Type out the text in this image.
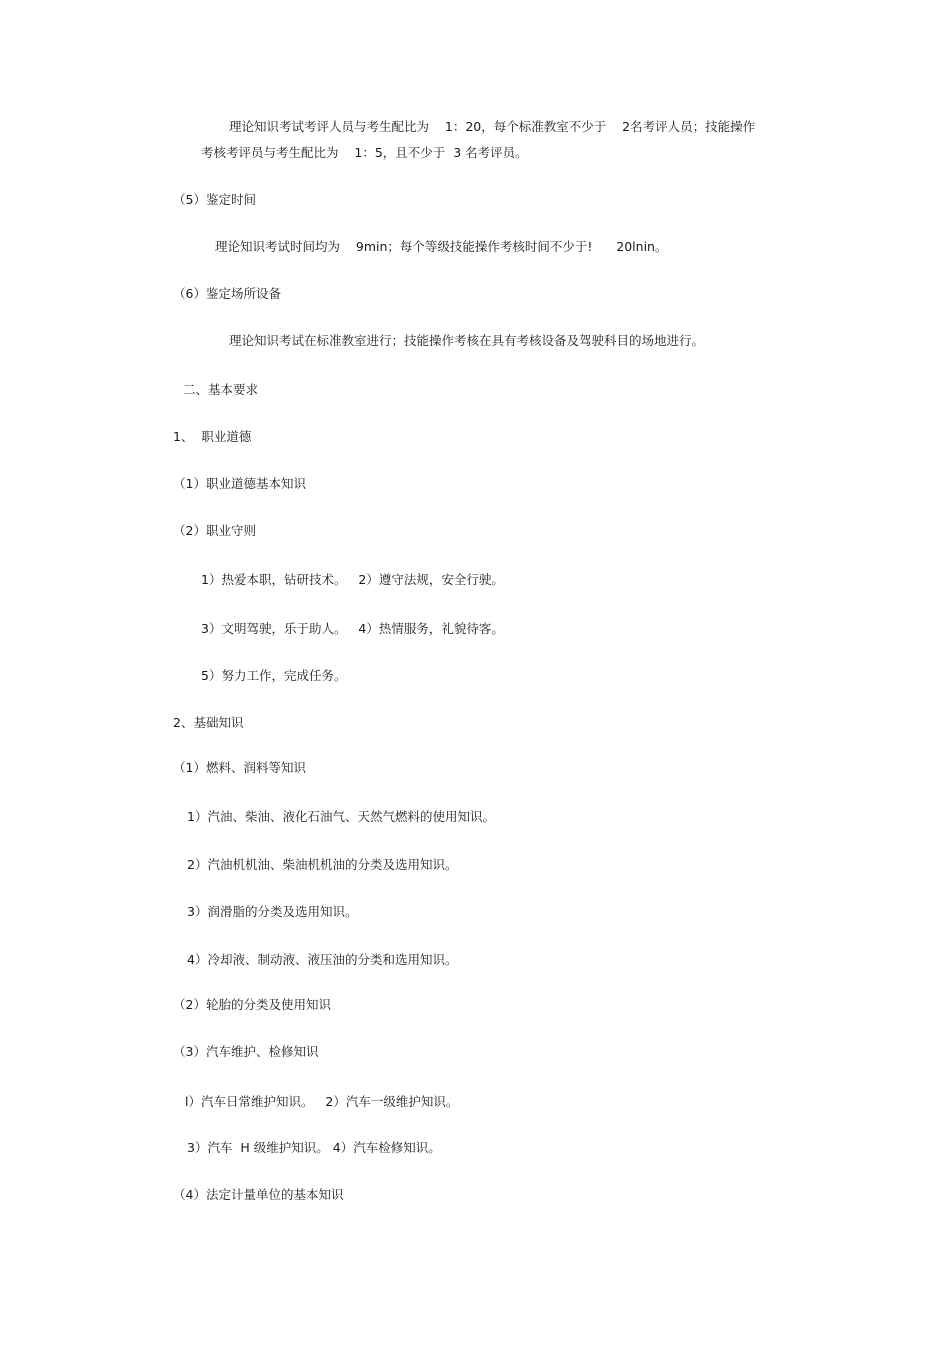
理论知识考试考评人员与考生配比为    1：20，每个标准教室不少于    2名考评人员；技能操作
考核考评员与考生配比为    1：5，且不少于  3 名考评员。
（5）鉴定时间
理论知识考试时间均为    9min；每个等级技能操作考核时间不少于!      20lnin。
（6）鉴定场所设备
理论知识考试在标准教室进行；技能操作考核在具有考核设备及驾驶科目的场地进行。
二、基本要求
1、  职业道德
（1）职业道德基本知识
（2）职业守则
1）热爱本职，钻研技术。   2）遵守法规，安全行驶。
3）文明驾驶，乐于助人。   4）热情服务，礼貌待客。
5）努力工作，完成任务。
2、基础知识
（1）燃料、润料等知识
1）汽油、柴油、液化石油气、天然气燃料的使用知识。
2）汽油机机油、柴油机机油的分类及选用知识。
3）润滑脂的分类及选用知识。
4）冷却液、制动液、液压油的分类和选用知识。
（2）轮胎的分类及使用知识
（3）汽车维护、检修知识
l）汽车日常维护知识。   2）汽车一级维护知识。
3）汽车  H 级维护知识。 4）汽车检修知识。
（4）法定计量单位的基本知识
